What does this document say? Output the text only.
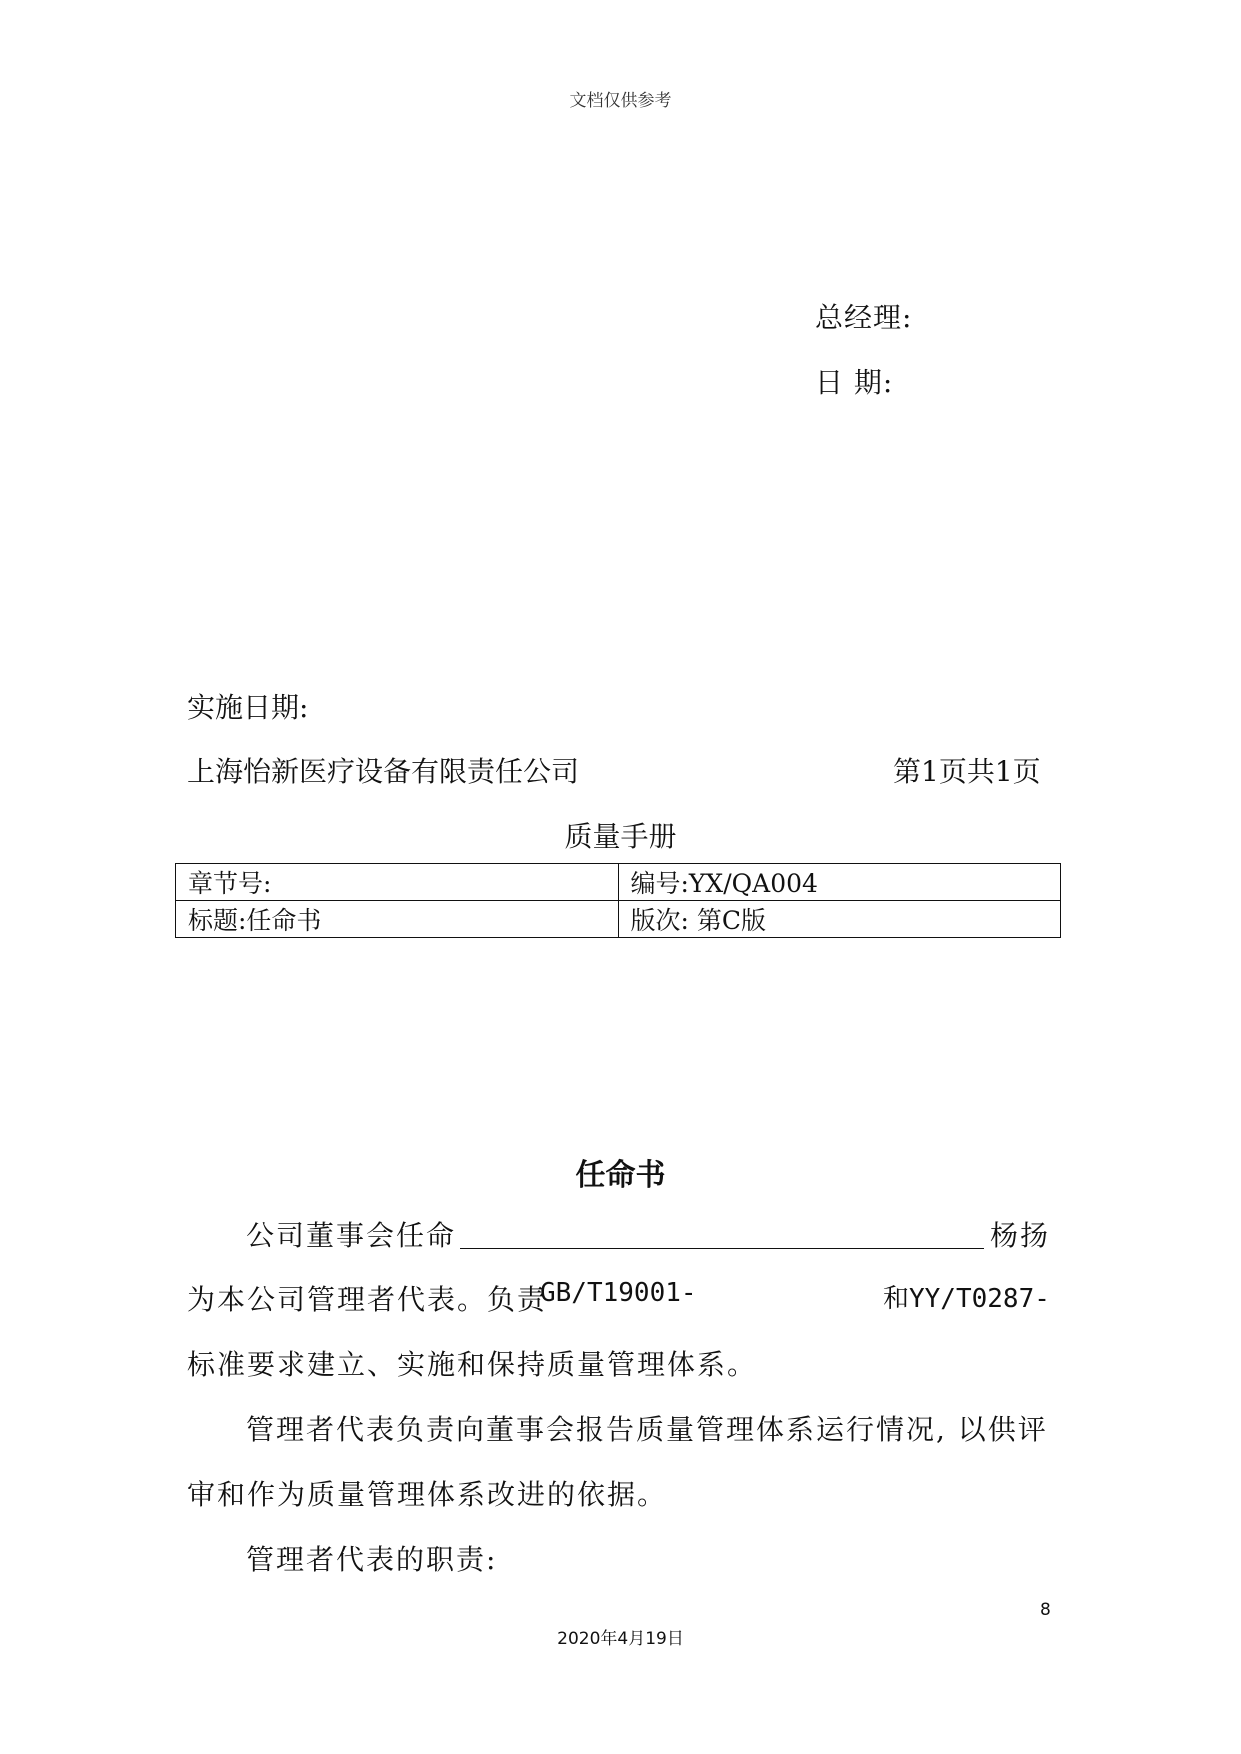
文档仅供参考
总经理:
日 期:
实施日期:
上海怡新医疗设备有限责任公司	第1页共1页
质量手册
章节号:	编号:YX/QA004
标题:任命书	版次: 第C版
任命书
公司董事会任命	杨扬
为本公司管理者代表。负责
GB/T19001-	和YY/T0287-
标准要求建立、实施和保持质量管理体系。
管理者代表负责向董事会报告质量管理体系运行情况, 以供评
审和作为质量管理体系改进的依据。
管理者代表的职责:
8
2020年4月19日
